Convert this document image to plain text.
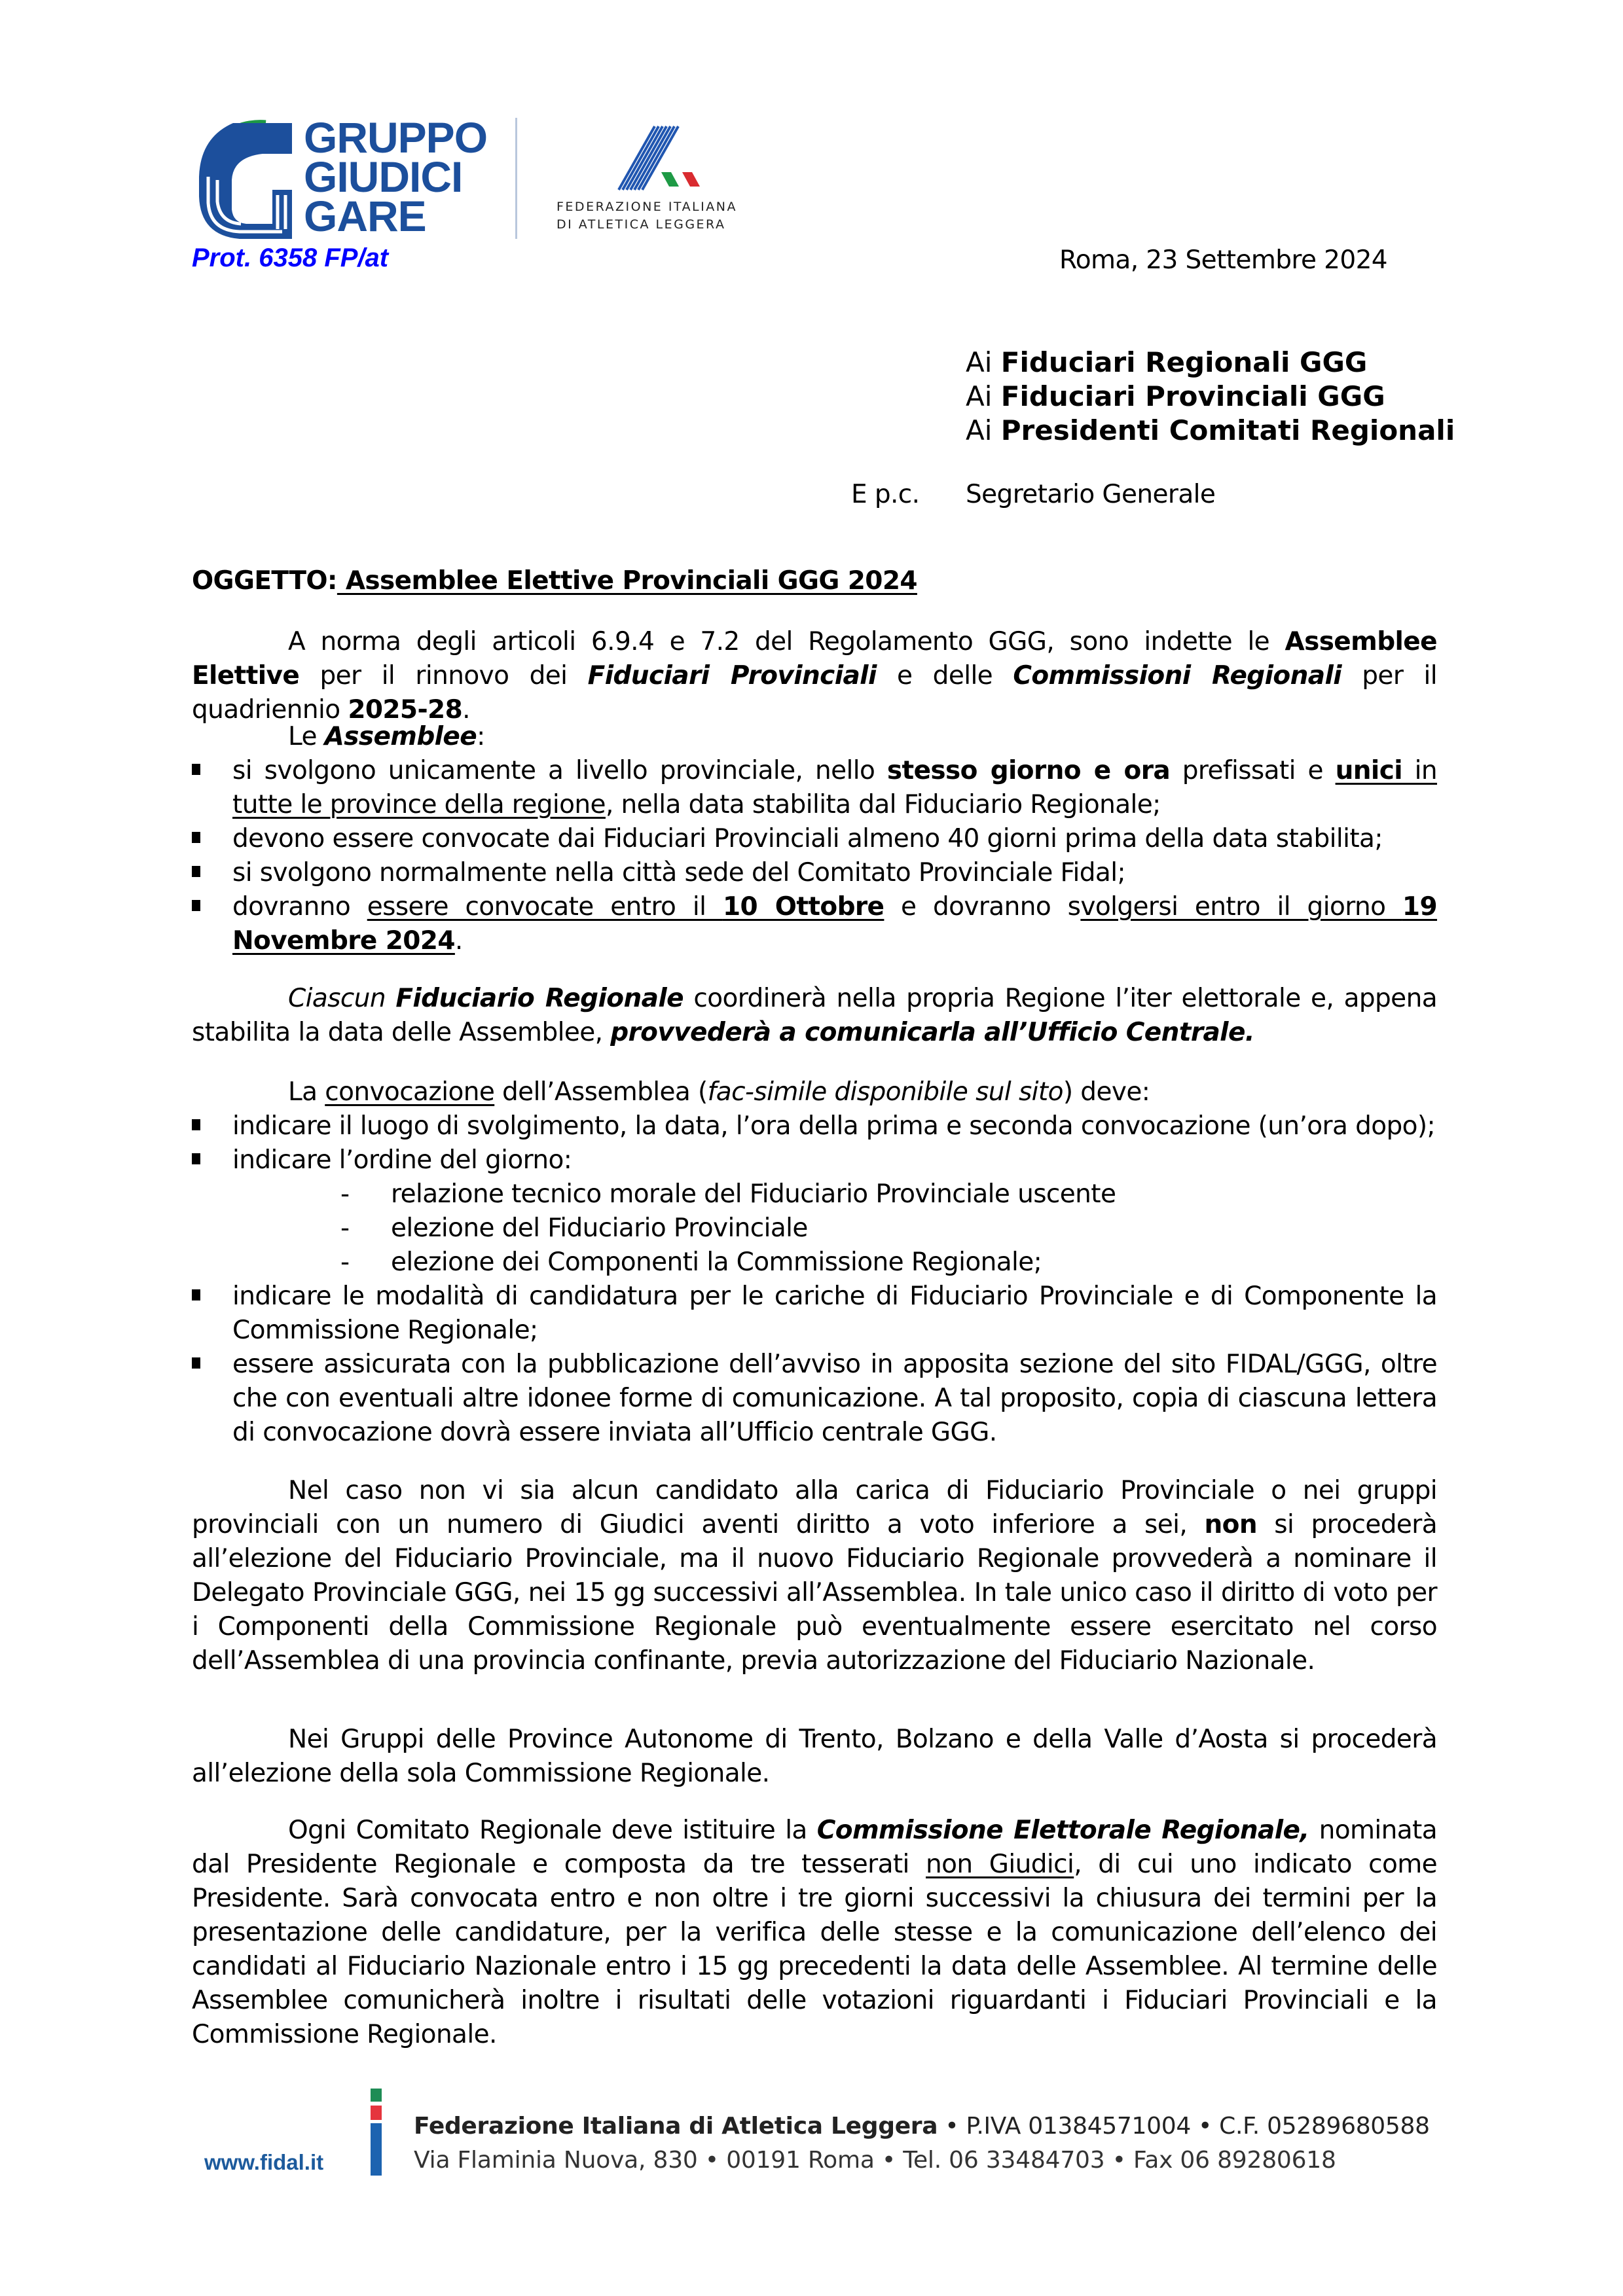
GRUPPO
GIUDICI
GARE	FEDERAZIONE ITALIANA
DI ATLETICA LEGGERA
Prot. 6358 FP/at	Roma, 23 Settembre 2024
Ai Fiduciari Regionali GGG
Ai Fiduciari Provinciali GGG
Ai Presidenti Comitati Regionali
E p.c. Segretario Generale
OGGETTO: Assemblee Elettive Provinciali GGG 2024
A norma degli articoli 6.9.4 e 7.2 del Regolamento GGG, sono indette le Assemblee Elettive per il rinnovo dei Fiduciari Provinciali e delle Commissioni Regionali per il quadriennio 2025-28.
Le Assemblee:
si svolgono unicamente a livello provinciale, nello stesso giorno e ora prefissati e unici in tutte le province della regione, nella data stabilita dal Fiduciario Regionale;
devono essere convocate dai Fiduciari Provinciali almeno 40 giorni prima della data stabilita;
si svolgono normalmente nella città sede del Comitato Provinciale Fidal;
dovranno essere convocate entro il 10 Ottobre e dovranno svolgersi entro il giorno 19 Novembre 2024.
Ciascun Fiduciario Regionale coordinerà nella propria Regione l’iter elettorale e, appena stabilita la data delle Assemblee, provvederà a comunicarla all’Ufficio Centrale.
La convocazione dell’Assemblea (fac-simile disponibile sul sito) deve:
indicare il luogo di svolgimento, la data, l’ora della prima e seconda convocazione (un’ora dopo);
indicare l’ordine del giorno:
- relazione tecnico morale del Fiduciario Provinciale uscente
- elezione del Fiduciario Provinciale
- elezione dei Componenti la Commissione Regionale;
indicare le modalità di candidatura per le cariche di Fiduciario Provinciale e di Componente la Commissione Regionale;
essere assicurata con la pubblicazione dell’avviso in apposita sezione del sito FIDAL/GGG, oltre che con eventuali altre idonee forme di comunicazione. A tal proposito, copia di ciascuna lettera di convocazione dovrà essere inviata all’Ufficio centrale GGG.
Nel caso non vi sia alcun candidato alla carica di Fiduciario Provinciale o nei gruppi provinciali con un numero di Giudici aventi diritto a voto inferiore a sei, non si procederà all’elezione del Fiduciario Provinciale, ma il nuovo Fiduciario Regionale provvederà a nominare il Delegato Provinciale GGG, nei 15 gg successivi all’Assemblea. In tale unico caso il diritto di voto per i Componenti della Commissione Regionale può eventualmente essere esercitato nel corso dell’Assemblea di una provincia confinante, previa autorizzazione del Fiduciario Nazionale.
Nei Gruppi delle Province Autonome di Trento, Bolzano e della Valle d’Aosta si procederà all’elezione della sola Commissione Regionale.
Ogni Comitato Regionale deve istituire la Commissione Elettorale Regionale, nominata dal Presidente Regionale e composta da tre tesserati non Giudici, di cui uno indicato come Presidente. Sarà convocata entro e non oltre i tre giorni successivi la chiusura dei termini per la presentazione delle candidature, per la verifica delle stesse e la comunicazione dell’elenco dei candidati al Fiduciario Nazionale entro i 15 gg precedenti la data delle Assemblee. Al termine delle Assemblee comunicherà inoltre i risultati delle votazioni riguardanti i Fiduciari Provinciali e la Commissione Regionale.
www.fidal.it
Federazione Italiana di Atletica Leggera • P.IVA 01384571004 • C.F. 05289680588
Via Flaminia Nuova, 830 • 00191 Roma • Tel. 06 33484703 • Fax 06 89280618
